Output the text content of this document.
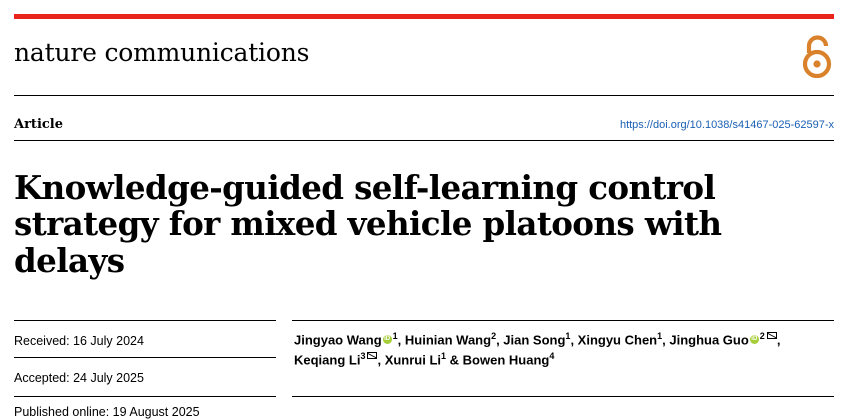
nature communications
Article	https://doi.org/10.1038/s41467-025-62597-x
Knowledge-guided self-learning control strategy for mixed vehicle platoons with delays
Received: 16 July 2024
Accepted: 24 July 2025
Published online: 19 August 2025
Jingyao Wang iD $^1$, Huinian Wang$^2$, Jian Song$^1$, Xingyu Chen$^1$, Jinghua GuoiD $^2$ ,
Keqiang Li$^3$ , Xunrui Li$^1$ & Bowen Huang$^4$
